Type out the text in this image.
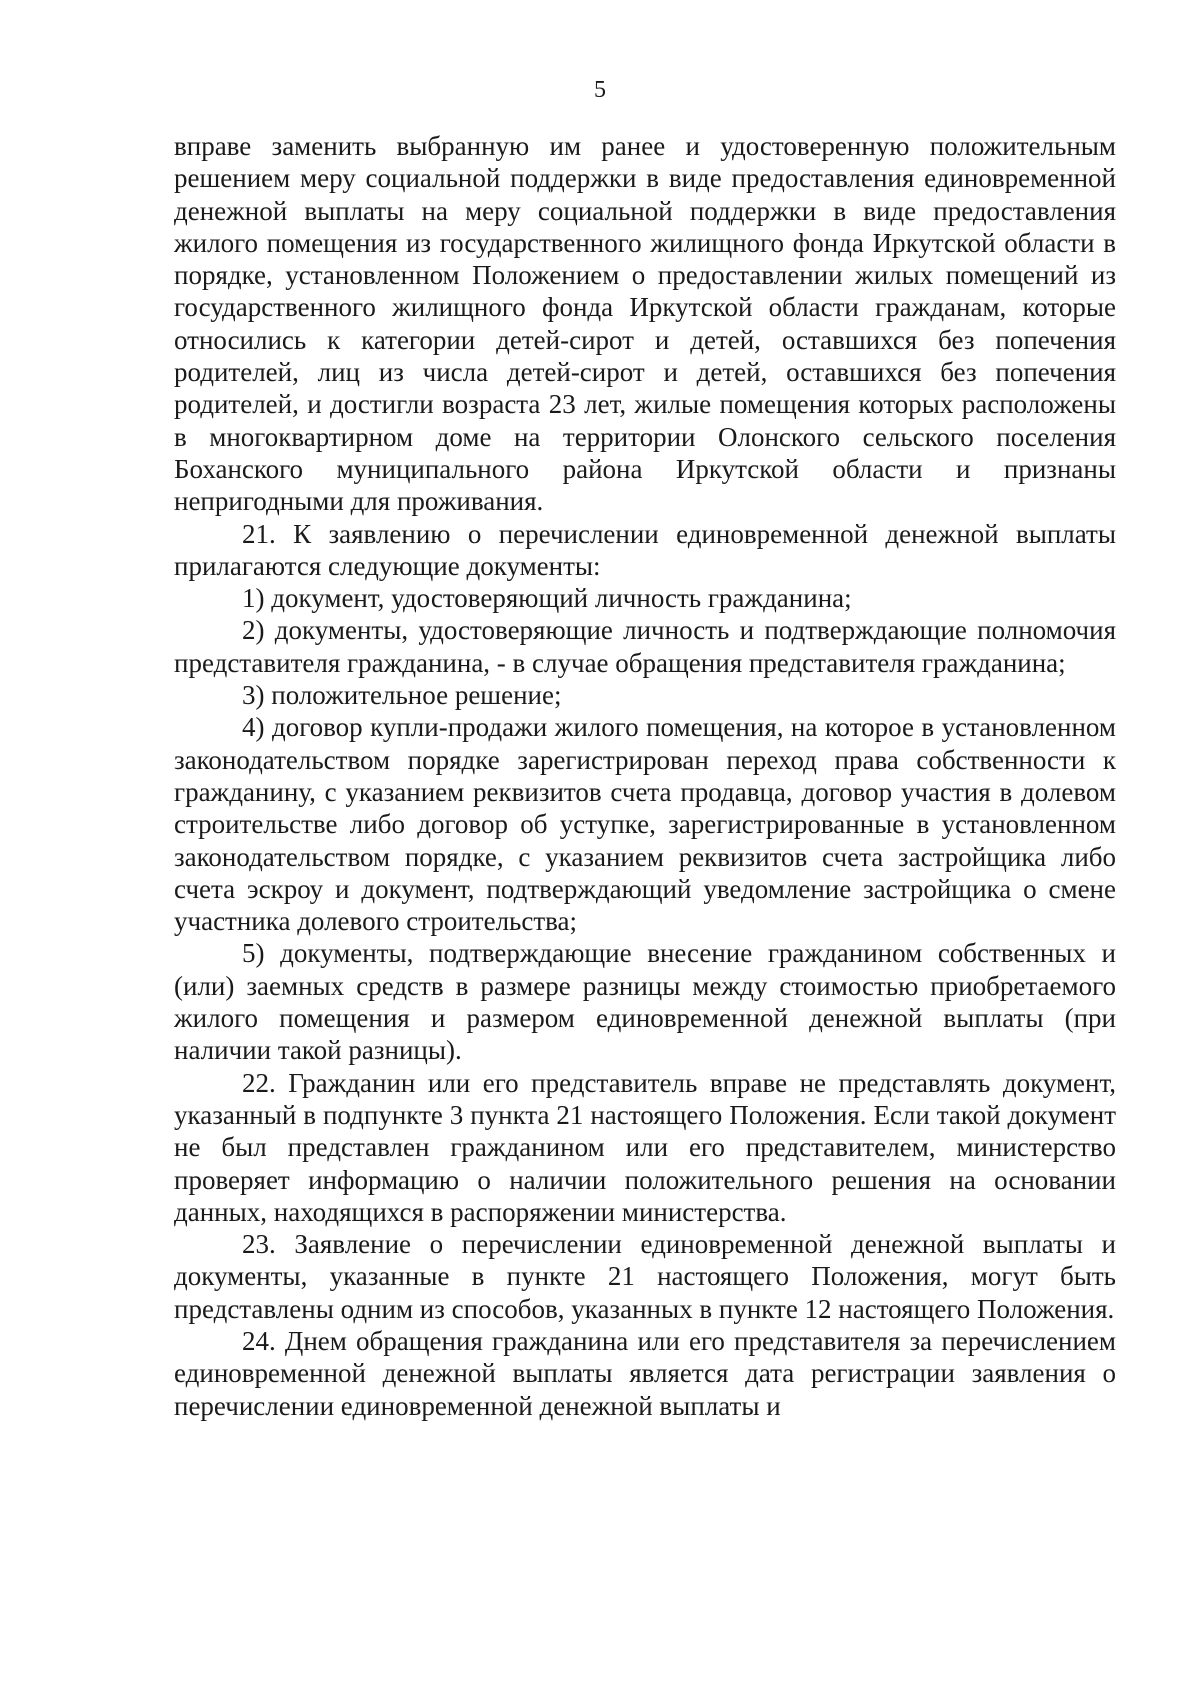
5

вправе заменить выбранную им ранее и удостоверенную положительным решением меру социальной поддержки в виде предоставления единовременной денежной выплаты на меру социальной поддержки в виде предоставления жилого помещения из государственного жилищного фонда Иркутской области в порядке, установленном Положением о предоставлении жилых помещений из государственного жилищного фонда Иркутской области гражданам, которые относились к категории детей-сирот и детей, оставшихся без попечения родителей, лиц из числа детей-сирот и детей, оставшихся без попечения родителей, и достигли возраста 23 лет, жилые помещения которых расположены в многоквартирном доме на территории Олонского сельского поселения Боханского муниципального района Иркутской области и признаны непригодными для проживания.

21. К заявлению о перечислении единовременной денежной выплаты прилагаются следующие документы:

1) документ, удостоверяющий личность гражданина;

2) документы, удостоверяющие личность и подтверждающие полномочия представителя гражданина, - в случае обращения представителя гражданина;

3) положительное решение;

4) договор купли-продажи жилого помещения, на которое в установленном законодательством порядке зарегистрирован переход права собственности к гражданину, с указанием реквизитов счета продавца, договор участия в долевом строительстве либо договор об уступке, зарегистрированные в установленном законодательством порядке, с указанием реквизитов счета застройщика либо счета эскроу и документ, подтверждающий уведомление застройщика о смене участника долевого строительства;

5) документы, подтверждающие внесение гражданином собственных и (или) заемных средств в размере разницы между стоимостью приобретаемого жилого помещения и размером единовременной денежной выплаты (при наличии такой разницы).

22. Гражданин или его представитель вправе не представлять документ, указанный в подпункте 3 пункта 21 настоящего Положения. Если такой документ не был представлен гражданином или его представителем, министерство проверяет информацию о наличии положительного решения на основании данных, находящихся в распоряжении министерства.

23. Заявление о перечислении единовременной денежной выплаты и документы, указанные в пункте 21 настоящего Положения, могут быть представлены одним из способов, указанных в пункте 12 настоящего Положения.

24. Днем обращения гражданина или его представителя за перечислением единовременной денежной выплаты является дата регистрации заявления о перечислении единовременной денежной выплаты и
